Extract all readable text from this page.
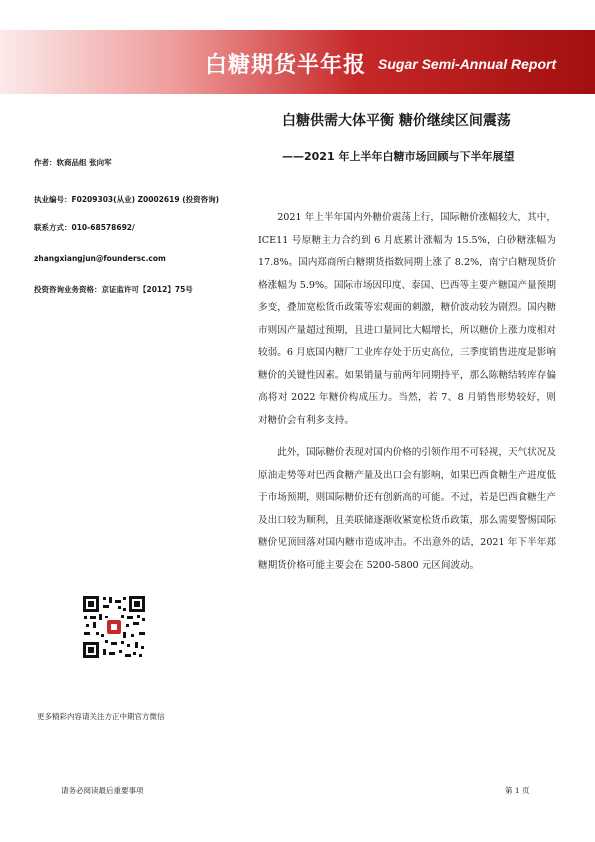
白糖期货半年报 Sugar Semi-Annual Report
白糖供需大体平衡 糖价继续区间震荡
——2021 年上半年白糖市场回顾与下半年展望
作者：软商品组 张向军
执业编号：F0209303(从业) Z0002619 (投资咨询)
联系方式：010-68578692/
zhangxiangjun@foundersc.com
投资咨询业务资格：京证监许可【2012】75号

2021 年上半年国内外糖价震荡上行，国际糖价涨幅较大，其中，ICE11 号原糖主力合约到 6 月底累计涨幅为 15.5%，白砂糖涨幅为 17.8%。国内郑商所白糖期货指数同期上涨了 8.2%，南宁白糖现货价格涨幅为 5.9%。国际市场因印度、泰国、巴西等主要产糖国产量预期多变，叠加宽松货币政策等宏观面的刺激，糖价波动较为剧烈。国内糖市则因产量超过预期，且进口量同比大幅增长，所以糖价上涨力度相对较弱。6 月底国内糖厂工业库存处于历史高位，三季度销售进度是影响糖价的关键性因素。如果销量与前两年同期持平，那么陈糖结转库存偏高将对 2022 年糖价构成压力。当然，若 7、8 月销售形势较好，则对糖价会有利多支持。

此外，国际糖价表现对国内价格的引领作用不可轻视，天气状况及原油走势等对巴西食糖产量及出口会有影响，如果巴西食糖生产进度低于市场预期，则国际糖价还有创新高的可能。不过，若是巴西食糖生产及出口较为顺利，且美联储逐渐收紧宽松货币政策，那么需要警惕国际糖价见顶回落对国内糖市造成冲击。不出意外的话，2021 年下半年郑糖期货价格可能主要会在 5200-5800 元区间波动。

更多精彩内容请关注方正中期官方微信
请务必阅读最后重要事项	第 1 页
